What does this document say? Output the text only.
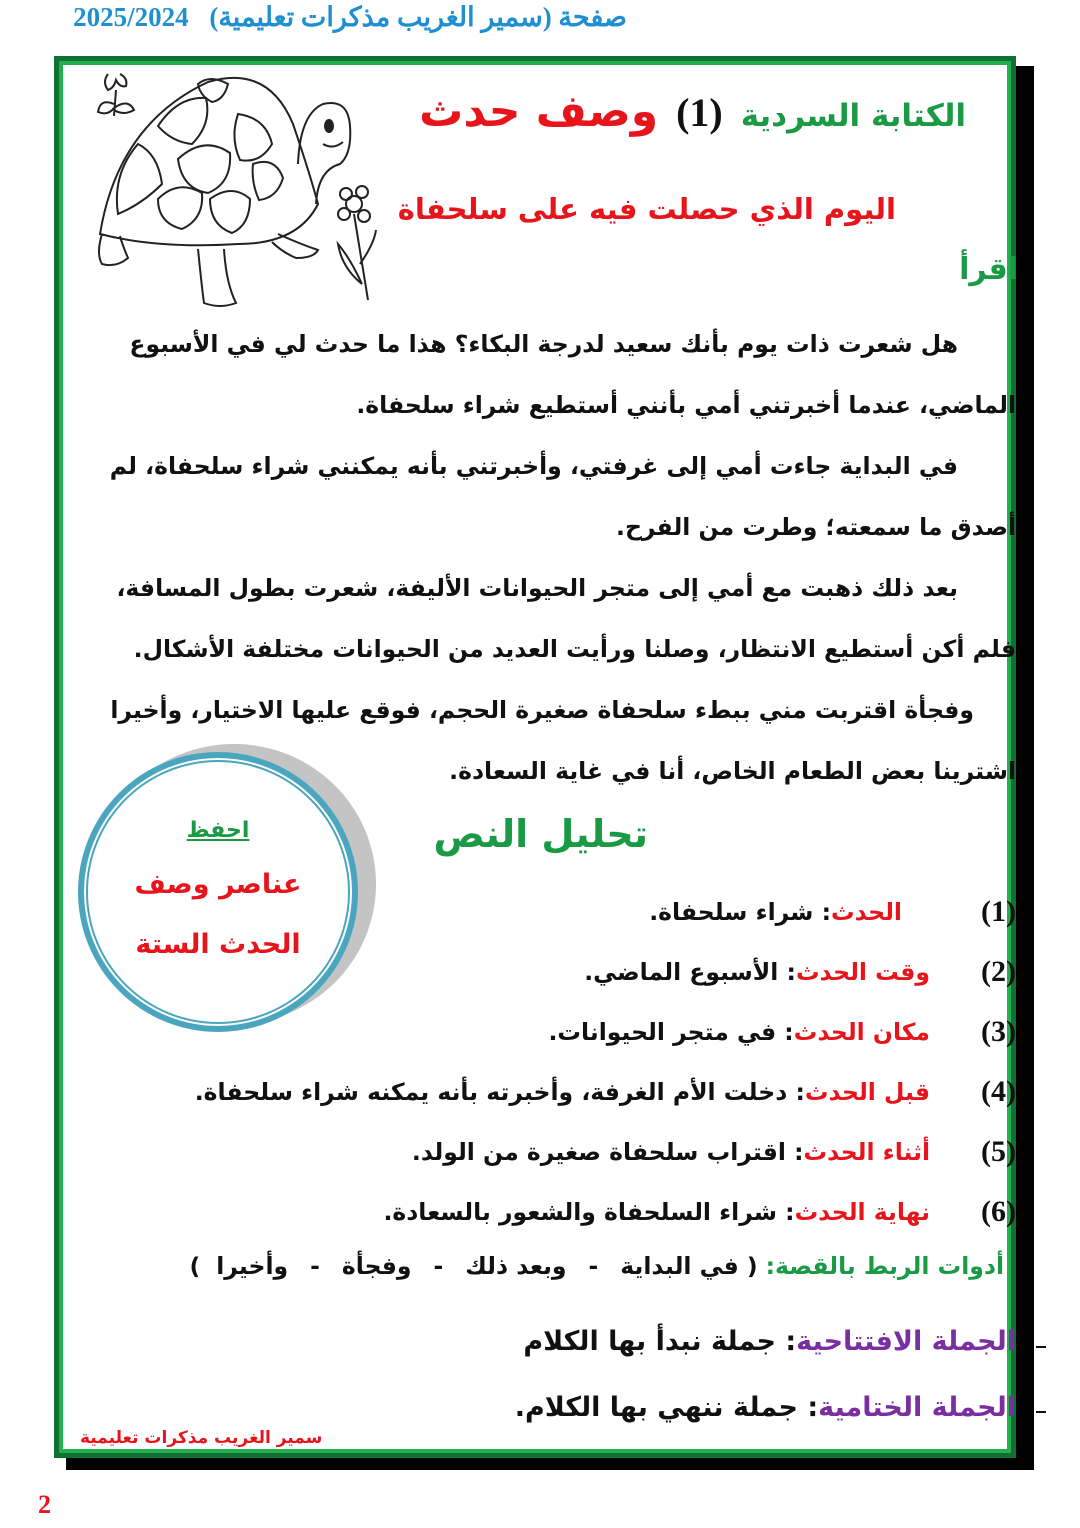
صفحة (سمير الغريب مذكرات تعليمية) 2025/2024
الكتابة السردية
(1)
وصف حدث
اليوم الذي حصلت فيه على سلحفاة
اقرأ

هل شعرت ذات يوم بأنك سعيد لدرجة البكاء؟ هذا ما حدث لي في الأسبوع

الماضي، عندما أخبرتني أمي بأنني أستطيع شراء سلحفاة.

في البداية جاءت أمي إلى غرفتي، وأخبرتني بأنه يمكنني شراء سلحفاة، لم

أصدق ما سمعته؛ وطرت من الفرح.

بعد ذلك ذهبت مع أمي إلى متجر الحيوانات الأليفة، شعرت بطول المسافة،

فلم أكن أستطيع الانتظار، وصلنا ورأيت العديد من الحيوانات مختلفة الأشكال.

وفجأة اقتربت مني ببطء سلحفاة صغيرة الحجم، فوقع عليها الاختيار، وأخيرا

اشترينا بعض الطعام الخاص، أنا في غاية السعادة.

احفظ
عناصر وصف
الحدث الستة
تحليل النص
(1)
الحدث
: شراء سلحفاة.
(2)
وقت الحدث
: الأسبوع الماضي.
(3)
مكان الحدث
: في متجر الحيوانات.
(4)
قبل الحدث
: دخلت الأم الغرفة، وأخبرته بأنه يمكنه شراء سلحفاة.
(5)
أثناء الحدث
: اقتراب سلحفاة صغيرة من الولد.
(6)
نهاية الحدث
: شراء السلحفاة والشعور بالسعادة.
أدوات الربط بالقصة:
(
في البداية
-
وبعد ذلك
-
وفجأة
-
وأخيرا
)
الجملة الافتتاحية: جملة نبدأ بها الكلام
الجملة الختامية: جملة ننهي بها الكلام.
سمير الغريب مذكرات تعليمية
2
